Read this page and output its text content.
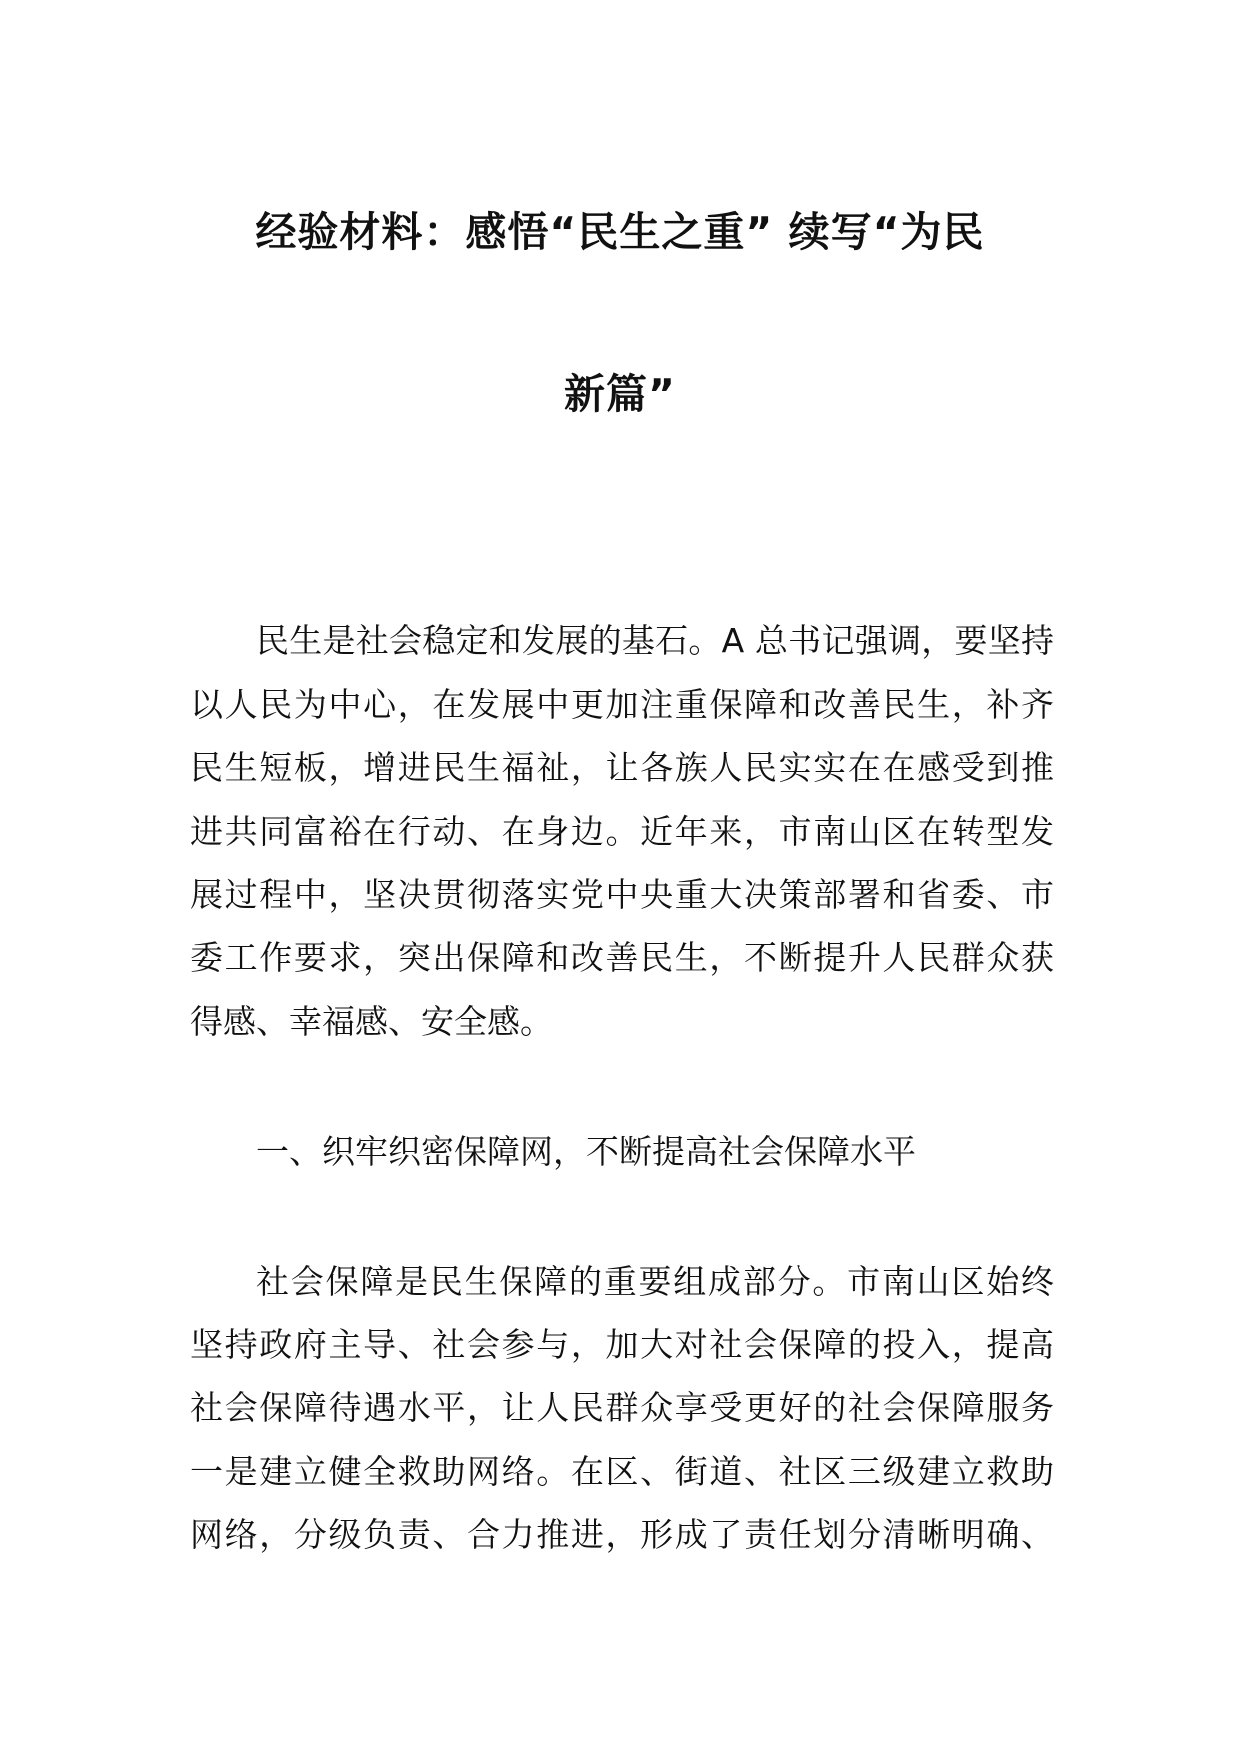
经验材料：感悟“民生之重” 续写“为民
新篇”
民生是社会稳定和发展的基石。A 总书记强调，要坚持
以人民为中心，在发展中更加注重保障和改善民生，补齐
民生短板，增进民生福祉，让各族人民实实在在感受到推
进共同富裕在行动、在身边。近年来，市南山区在转型发
展过程中，坚决贯彻落实党中央重大决策部署和省委、市
委工作要求，突出保障和改善民生，不断提升人民群众获
得感、幸福感、安全感。
一、织牢织密保障网，不断提高社会保障水平
社会保障是民生保障的重要组成部分。市南山区始终
坚持政府主导、社会参与，加大对社会保障的投入，提高
社会保障待遇水平，让人民群众享受更好的社会保障服务
一是建立健全救助网络。在区、街道、社区三级建立救助
网络，分级负责、合力推进，形成了责任划分清晰明确、
